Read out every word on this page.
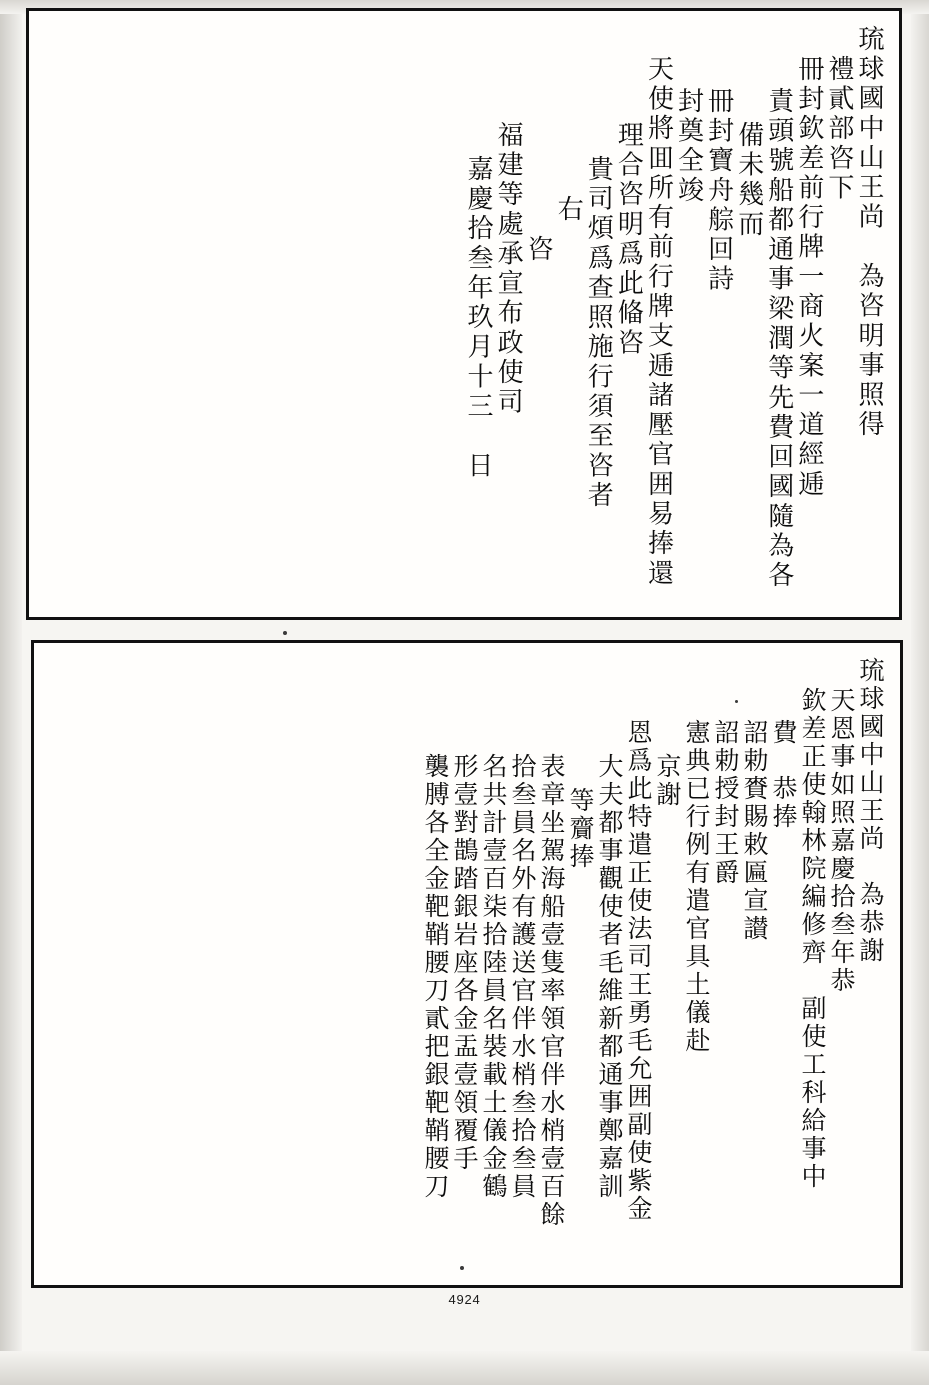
琉球國中山王尚　為咨明事照得
禮貳部咨下
冊封欽差前行牌一商火案一道經逓
責頭號船都通事梁潤等先費回國隨為各
備未幾而
冊封寶舟䑸回詩
封奠全竣
天使將囬所有前行牌支逓諸壓官囲易捧還
理合咨明爲此偹咨
貴司煩爲查照施行須至咨者
右
咨
福建等處承宣布政使司
嘉慶拾叁年玖月十三　日
琉球國中山王尚　為恭謝
天恩事如照嘉慶拾叁年恭
欽差正使翰林院編修齊　副使工科給事中
費　恭捧
詔勅賚賜敕匾宣讃
詔勅授封王爵
憲典已行例有遣官具土儀赴
京謝
恩爲此特遣正使法司王勇毛允囲副使紫金
大夫都事觀使者毛維新都通事鄭嘉訓
等齎捧
表章坐駕海船壹隻率領官伴水梢壹百餘
拾叁員名外有護送官伴水梢叁拾叁員
名共計壹百柒拾陸員名裝載土儀金鶴
形壹對鵲踏銀岩座各金盂壹領覆手
襲膊各全金靶鞘腰刀貳把銀靶鞘腰刀
4924
